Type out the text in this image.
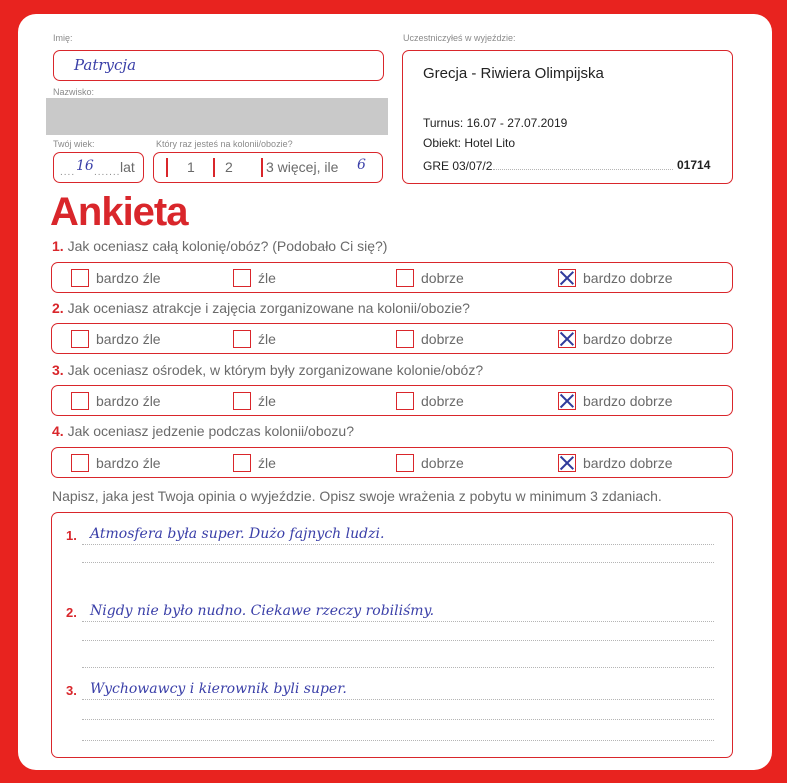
Imię:
Patrycja
Nazwisko:
Twój wiek:
.... 16 ....... lat
Który raz jesteś na kolonii/obozie?
1 2 3 więcej, ile 6
Uczestniczyłeś w wyjeździe:
Grecja - Riwiera Olimpijska
Turnus: 16.07 - 27.07.2019
Obiekt: Hotel Lito
GRE 03/07/2	01714
Ankieta
1. Jak oceniasz całą kolonię/obóz? (Podobało Ci się?)
bardzo źle	źle	dobrze	bardzo dobrze
2. Jak oceniasz atrakcje i zajęcia zorganizowane na kolonii/obozie?
bardzo źle	źle	dobrze	bardzo dobrze
3. Jak oceniasz ośrodek, w którym były zorganizowane kolonie/obóz?
bardzo źle	źle	dobrze	bardzo dobrze
4. Jak oceniasz jedzenie podczas kolonii/obozu?
bardzo źle	źle	dobrze	bardzo dobrze
Napisz, jaka jest Twoja opinia o wyjeździe. Opisz swoje wrażenia z pobytu w minimum 3 zdaniach.
1. Atmosfera była super. Dużo fajnych ludzi.
2. Nigdy nie było nudno. Ciekawe rzeczy robiliśmy.
3. Wychowawcy i kierownik byli super.
